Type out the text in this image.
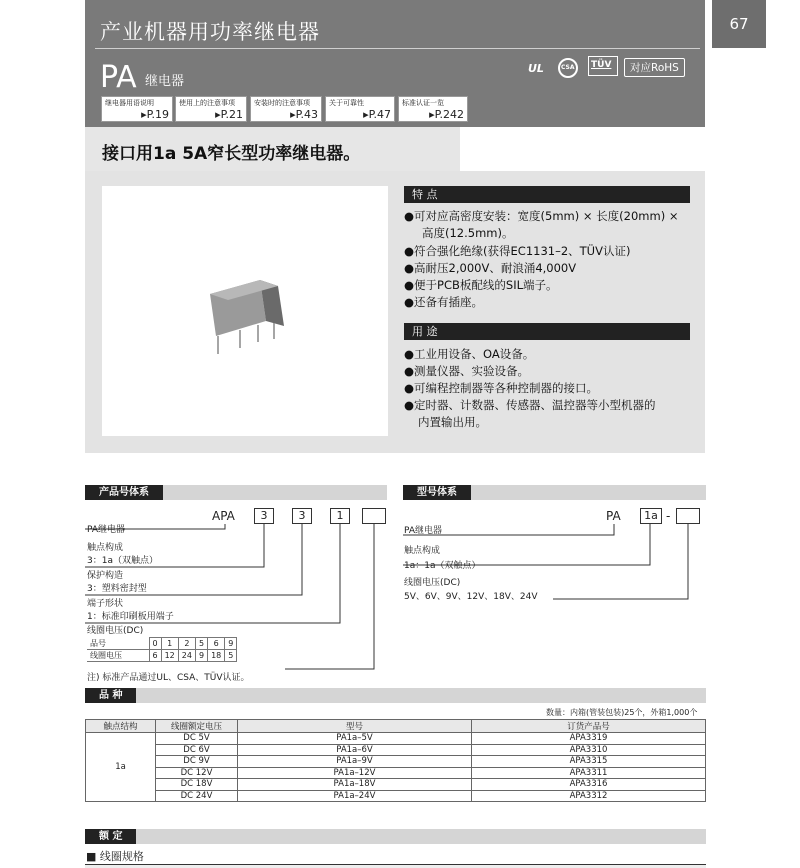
67
产业机器用功率继电器
PA 继电器
UL	CSA TÜV	对应RoHS
继电器用语说明
▸P.19
使用上的注意事项
▸P.21
安装时的注意事项
▸P.43
关于可靠性
▸P.47
标准认证一览
▸P.242
接口用1a 5A窄长型功率继电器。
特 点
●可对应高密度安装：宽度(5mm) × 长度(20mm) ×
高度(12.5mm)。
●符合强化绝缘(获得EC1131–2、TÜV认证)
●高耐压2,000V、耐浪涌4,000V
●便于PCB板配线的SIL端子。
●还备有插座。
用 途
●工业用设备、OA设备。
●测量仪器、实验设备。
●可编程控制器等各种控制器的接口。
●定时器、计数器、传感器、温控器等小型机器的
内置输出用。
产品号体系
APA	3	3	1
PA继电器
触点构成
3：1a（双触点）
保护构造
3：塑料密封型
端子形状
1：标准印刷板用端子
线圈电压(DC)
品号	0	1	2	5	6	9
线圈电压	6	12	24	9	18	5
注) 标准产品通过UL、CSA、TÜV认证。
型号体系
PA	1a -
PA继电器
触点构成
1a：1a（双触点）
线圈电压(DC)
5V、6V、9V、12V、18V、24V
品 种
数量：内箱(管装包装)25个，外箱1,000个
触点结构	线圈额定电压	型号	订货产品号
1a	DC 5V	PA1a–5V	APA3319
	DC 6V	PA1a–6V	APA3310
	DC 9V	PA1a–9V	APA3315
	DC 12V	PA1a–12V	APA3311
	DC 18V	PA1a–18V	APA3316
	DC 24V	PA1a–24V	APA3312
额 定
■ 线圈规格
